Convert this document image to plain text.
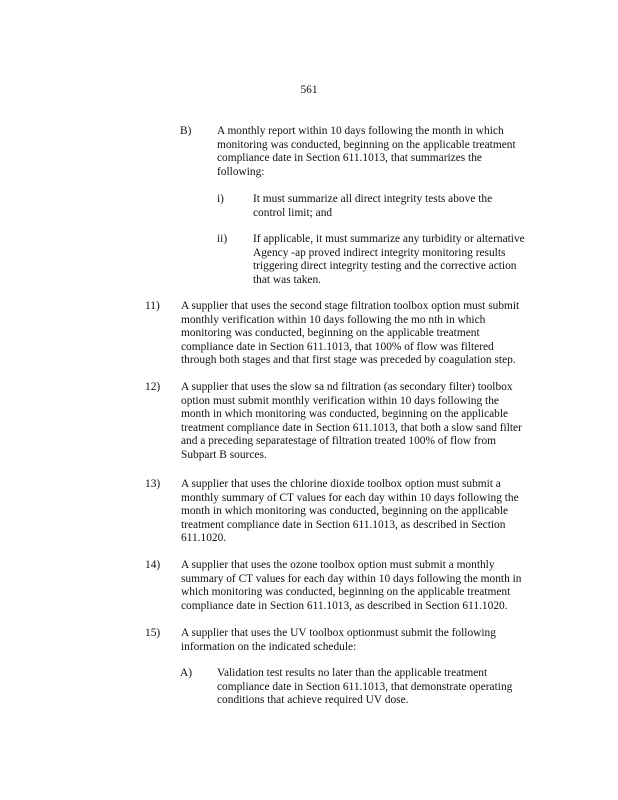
561
B) A monthly report within 10 days following the month in which
monitoring was conducted, beginning on the applicable treatment
compliance date in Section 611.1013, that summarizes the
following:
i)	It must summarize all direct integrity tests above the
control limit; and
ii) If applicable, it must summarize any turbidity or alternative
Agency -ap proved indirect integrity monitoring results
triggering direct integrity testing and the corrective action
that was taken.
11) A supplier that uses the second stage filtration toolbox option must submit
monthly verification within 10 days following the mo nth in which
monitoring was conducted, beginning on the applicable treatment
compliance date in Section 611.1013, that 100% of flow was filtered
through both stages and that first stage was preceded by coagulation step.
12) A supplier that uses the slow sa nd filtration (as secondary filter) toolbox
option must submit monthly verification within 10 days following the
month in which monitoring was conducted, beginning on the applicable
treatment compliance date in Section 611.1013, that both a slow sand filter
and a preceding separatestage of filtration treated 100% of flow from
Subpart B sources.
13) A supplier that uses the chlorine dioxide toolbox option must submit a
monthly summary of CT values for each day within 10 days following the
month in which monitoring was conducted, beginning on the applicable
treatment compliance date in Section 611.1013, as described in Section
611.1020.
14) A supplier that uses the ozone toolbox option must submit a monthly
summary of CT values for each day within 10 days following the month in
which monitoring was conducted, beginning on the applicable treatment
compliance date in Section 611.1013, as described in Section 611.1020.
15) A supplier that uses the UV toolbox optionmust submit the following
information on the indicated schedule:
A) Validation test results no later than the applicable treatment
compliance date in Section 611.1013, that demonstrate operating
conditions that achieve required UV dose.
